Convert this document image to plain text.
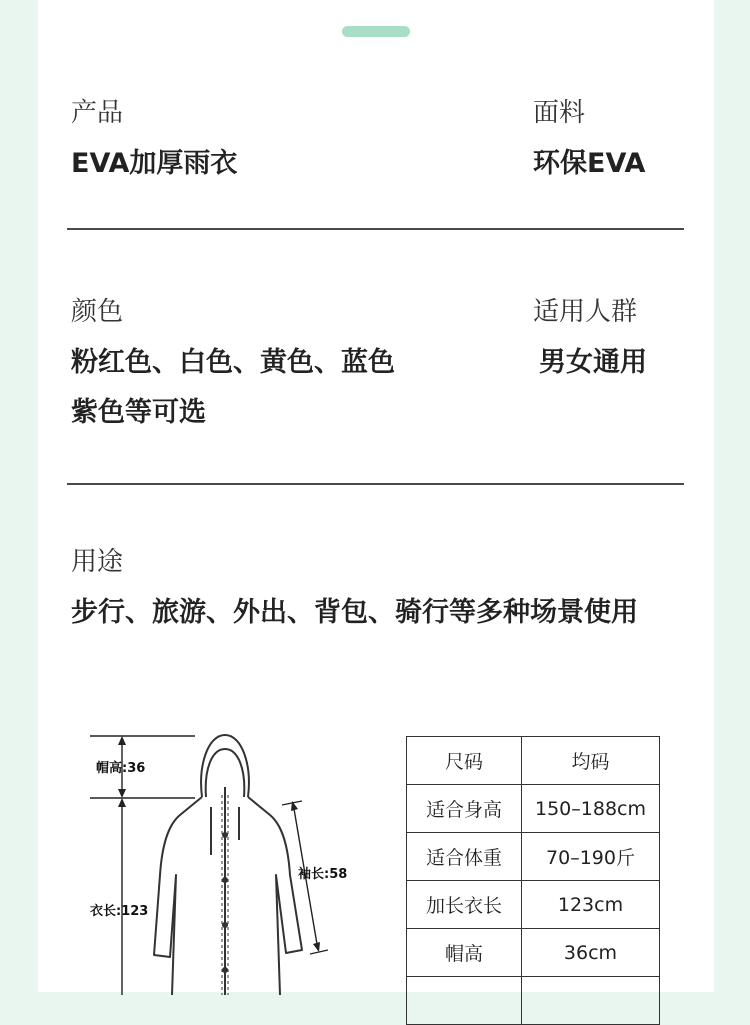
产品
EVA加厚雨衣
面料
环保EVA
颜色
粉红色、白色、黄色、蓝色
紫色等可选
适用人群
男女通用
用途
步行、旅游、外出、背包、骑行等多种场景使用
帽高:36
衣长:123
袖长:58
尺码	均码
适合身高	150–188cm
适合体重	70–190斤
加长衣长	123cm
帽高	36cm
